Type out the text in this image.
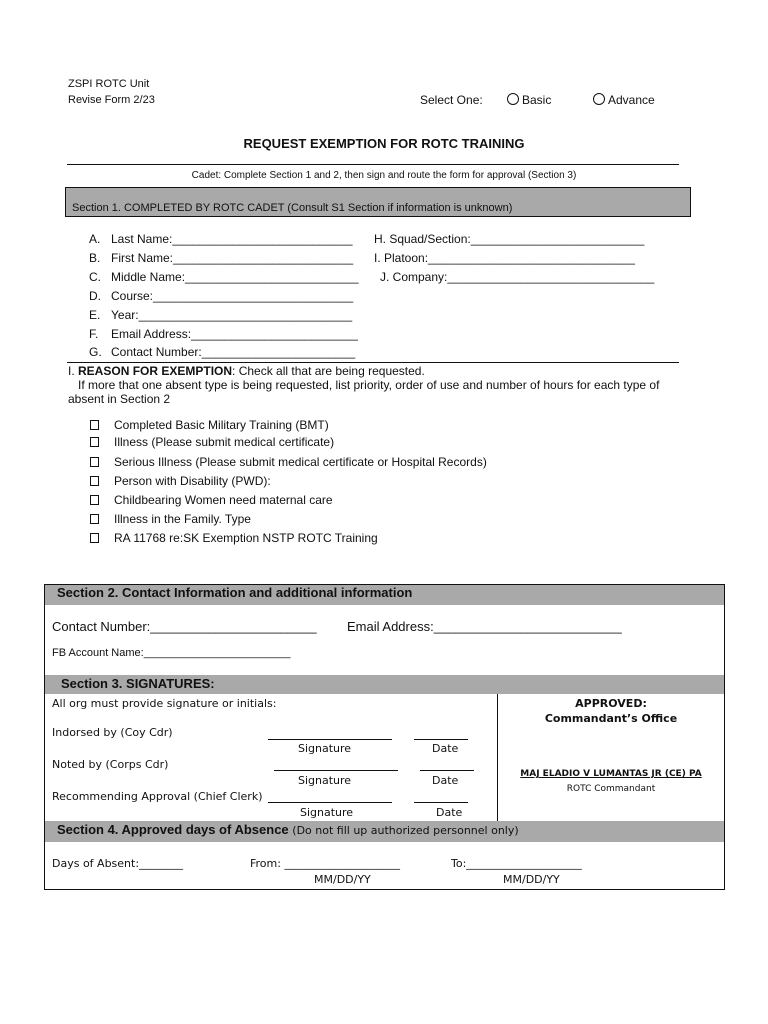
ZSPI ROTC Unit
Revise Form 2/23	Select One:	Basic	Advance
REQUEST EXEMPTION FOR ROTC TRAINING
Cadet: Complete Section 1 and 2, then sign and route the form for approval (Section 3)
Section 1. COMPLETED BY ROTC CADET (Consult S1 Section if information is unknown)
A. Last Name:___________________________
B. First Name:___________________________
C. Middle Name:__________________________
D. Course:______________________________
E. Year:________________________________
F. Email Address:_________________________
G. Contact Number:_______________________
H. Squad/Section:__________________________
I. Platoon:_______________________________
J. Company:_______________________________
I. REASON FOR EXEMPTION: Check all that are being requested.
If more that one absent type is being requested, list priority, order of use and number of hours for each type of
absent in Section 2
Completed Basic Military Training (BMT)
Illness (Please submit medical certificate)
Serious Illness (Please submit medical certificate or Hospital Records)
Person with Disability (PWD):
Childbearing Women need maternal care
Illness in the Family. Type
RA 11768 re:SK Exemption NSTP ROTC Training
Section 2. Contact Information and additional information
Contact Number:_______________________ Email Address:__________________________
FB Account Name:________________________
Section 3. SIGNATURES:
All org must provide signature or initials:
Indorsed by (Coy Cdr)
Signature	Date
Noted by (Corps Cdr)
Signature	Date
Recommending Approval (Chief Clerk)
Signature	Date
APPROVED:
Commandant’s Office
MAJ ELADIO V LUMANTAS JR (CE) PA
ROTC Commandant
Section 4. Approved days of Absence (Do not fill up authorized personnel only)
Days of Absent:________	From: _____________________	To:_____________________
MM/DD/YY	MM/DD/YY
